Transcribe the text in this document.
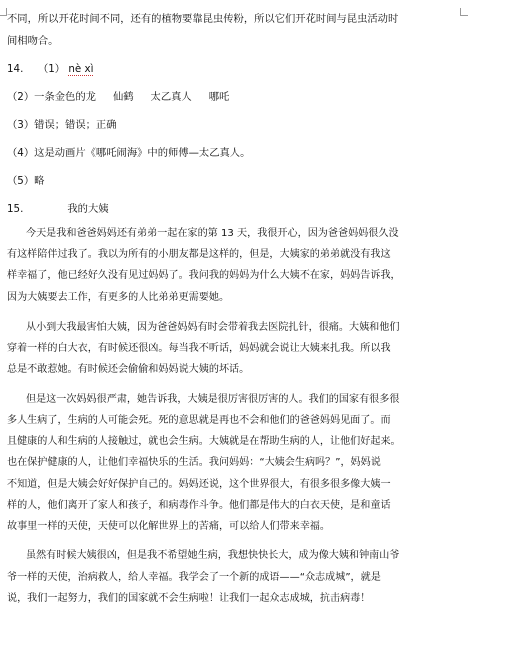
不同，所以开花时间不同，还有的植物要靠昆虫传粉，所以它们开花时间与昆虫活动时
间相吻合。
14. （1） nè xì
（2）一条金色的龙 仙鹤 太乙真人 哪吒
（3）错误；错误；正确
（4）这是动画片《哪吒闹海》中的师傅—太乙真人。
（5）略
15.	我的大姨
今天是我和爸爸妈妈还有弟弟一起在家的第 13 天，我很开心，因为爸爸妈妈很久没
有这样陪伴过我了。我以为所有的小朋友都是这样的，但是，大姨家的弟弟就没有我这
样幸福了，他已经好久没有见过妈妈了。我问我的妈妈为什么大姨不在家，妈妈告诉我，
因为大姨要去工作，有更多的人比弟弟更需要她。
从小到大我最害怕大姨，因为爸爸妈妈有时会带着我去医院扎针，很痛。大姨和他们
穿着一样的白大衣，有时候还很凶。每当我不听话，妈妈就会说让大姨来扎我。所以我
总是不敢惹她。有时候还会偷偷和妈妈说大姨的坏话。
但是这一次妈妈很严肃，她告诉我，大姨是很厉害很厉害的人。我们的国家有很多很
多人生病了，生病的人可能会死。死的意思就是再也不会和他们的爸爸妈妈见面了。而
且健康的人和生病的人接触过，就也会生病。大姨就是在帮助生病的人，让他们好起来。
也在保护健康的人，让他们幸福快乐的生活。我问妈妈：“大姨会生病吗？”，妈妈说
不知道，但是大姨会好好保护自己的。妈妈还说，这个世界很大，有很多很多像大姨一
样的人，他们离开了家人和孩子，和病毒作斗争。他们都是伟大的白衣天使，是和童话
故事里一样的天使，天使可以化解世界上的苦痛，可以给人们带来幸福。
虽然有时候大姨很凶，但是我不希望她生病，我想快快长大，成为像大姨和钟南山爷
爷一样的天使，治病救人，给人幸福。我学会了一个新的成语——“众志成城”，就是
说，我们一起努力，我们的国家就不会生病啦！让我们一起众志成城，抗击病毒！
